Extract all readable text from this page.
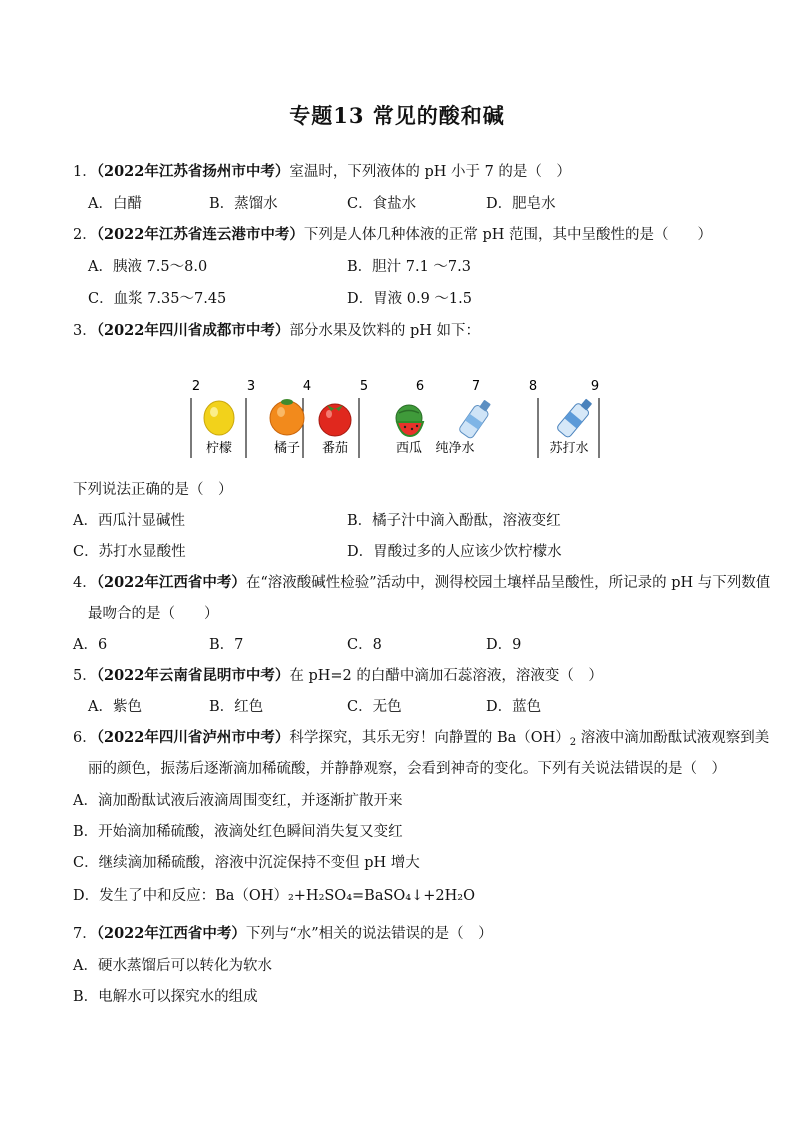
专题13 常见的酸和碱
1．（2022年江苏省扬州市中考）室温时，下列液体的 pH 小于 7 的是（　）
A．白醋	B．蒸馏水	C．食盐水	D．肥皂水
2．（2022年江苏省连云港市中考）下列是人体几种体液的正常 pH 范围，其中呈酸性的是（　　）
A．胰液 7.5～8.0	B．胆汁 7.1 ～7.3
C．血浆 7.35～7.45	D．胃液 0.9 ～1.5
3．（2022年四川省成都市中考）部分水果及饮料的 pH 如下：
2	3	4	5	6	7	8	9
柠檬	橘子 番茄	西瓜 纯净水	苏打水
下列说法正确的是（　）
A．西瓜汁显碱性	B．橘子汁中滴入酚酞，溶液变红
C．苏打水显酸性	D．胃酸过多的人应该少饮柠檬水
4．（2022年江西省中考）在“溶液酸碱性检验”活动中，测得校园土壤样品呈酸性，所记录的 pH 与下列数值
最吻合的是（　　）
A．6	B．7	C．8	D．9
5．（2022年云南省昆明市中考）在 pH=2 的白醋中滴加石蕊溶液，溶液变（　）
A．紫色	B．红色	C．无色	D．蓝色
6．（2022年四川省泸州市中考）科学探究，其乐无穷！向静置的 $Ba(OH)_2$ 溶液中滴加酚酞试液观察到美
丽的颜色，振荡后逐渐滴加稀硫酸，并静静观察，会看到神奇的变化。下列有关说法错误的是（　）
A．滴加酚酞试液后液滴周围变红，并逐渐扩散开来
B．开始滴加稀硫酸，液滴处红色瞬间消失复又变红
C．继续滴加稀硫酸，溶液中沉淀保持不变但 pH 增大
D．发生了中和反应：Ba（OH）₂+H₂SO₄=BaSO₄↓+2H₂O
7．（2022年江西省中考）下列与“水”相关的说法错误的是（　）
A．硬水蒸馏后可以转化为软水
B．电解水可以探究水的组成
